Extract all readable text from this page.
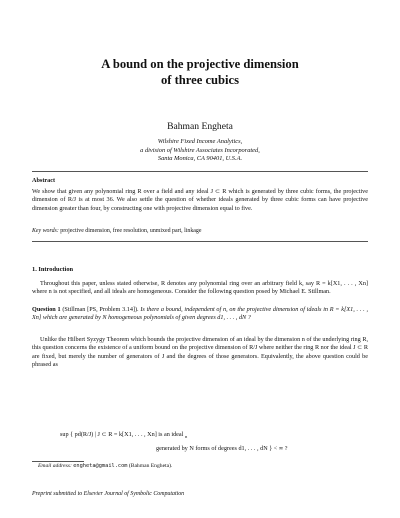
A bound on the projective dimension
of three cubics
Bahman Engheta
Wilshire Fixed Income Analytics,
a division of Wilshire Associates Incorporated,
Santa Monica, CA 90401, U.S.A.
Abstract
We show that given any polynomial ring R over a field and any ideal J ⊂ R which is generated by three cubic forms, the projective dimension of R/J is at most 36. We also settle the question of whether ideals generated by three cubic forms can have projective dimension greater than four, by constructing one with projective dimension equal to five.
Key words: projective dimension, free resolution, unmixed part, linkage
1. Introduction
Throughout this paper, unless stated otherwise, R denotes any polynomial ring over an arbitrary field k, say R = k[X1, . . . , Xn] where n is not specified, and all ideals are homogeneous. Consider the following question posed by Michael E. Stillman.
Question 1 (Stillman [PS, Problem 3.14]). Is there a bound, independent of n, on the projective dimension of ideals in R = k[X1, . . . , Xn] which are generated by N homogeneous polynomials of given degrees d1, . . . , dN ?
Unlike the Hilbert Syzygy Theorem which bounds the projective dimension of an ideal by the dimension n of the underlying ring R, this question concerns the existence of a uniform bound on the projective dimension of R/J where neither the ring R nor the ideal J ⊂ R are fixed, but merely the number of generators of J and the degrees of those generators. Equivalently, the above question could be phrased as
sup { pd(R/J) | J ⊂ R = k[X1, . . . , Xn] is an ideal $_n$
generated by N forms of degrees d1, . . . , dN } < ∞ ?
Email address: engheta@gmail.com (Bahman Engheta).
Preprint submitted to Elsevier Journal of Symbolic Computation
